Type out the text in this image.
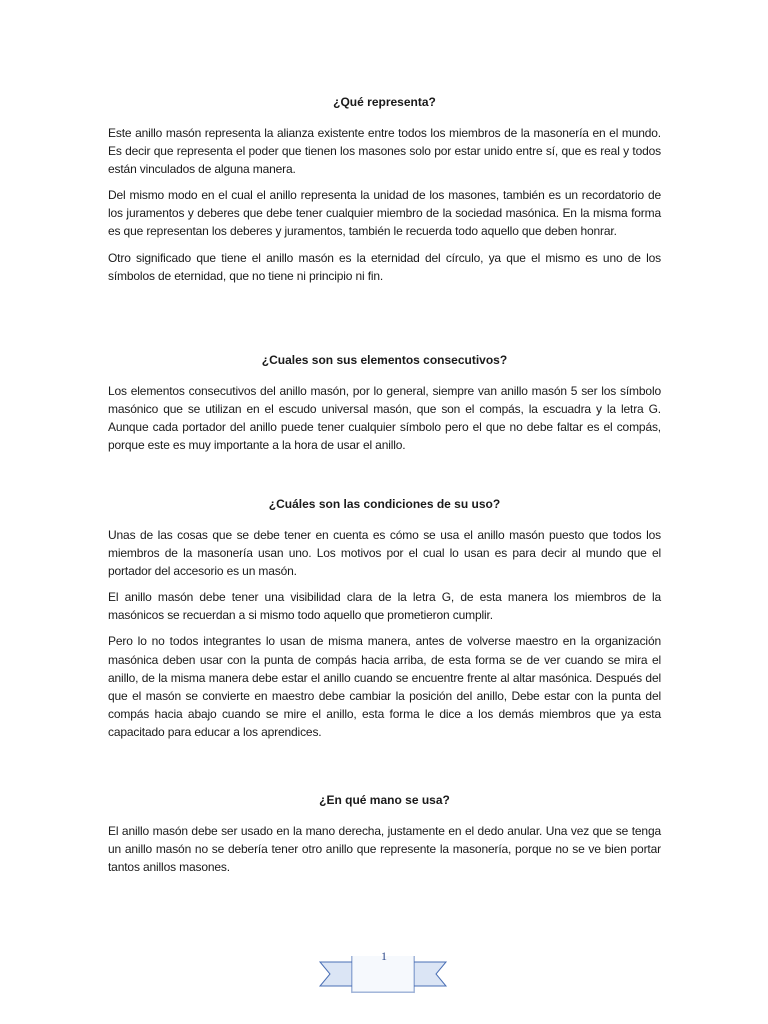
¿Qué representa?

Este anillo masón representa la alianza existente entre todos los miembros de la masonería en el mundo. Es decir que representa el poder que tienen los masones solo por estar unido entre sí, que es real y todos están vinculados de alguna manera.

Del mismo modo en el cual el anillo representa la unidad de los masones, también es un recordatorio de los juramentos y deberes que debe tener cualquier miembro de la sociedad masónica. En la misma forma es que representan los deberes y juramentos, también le recuerda todo aquello que deben honrar.

Otro significado que tiene el anillo masón es la eternidad del círculo, ya que el mismo es uno de los símbolos de eternidad, que no tiene ni principio ni fin.

¿Cuales son sus elementos consecutivos?

Los elementos consecutivos del anillo masón, por lo general, siempre van anillo masón 5 ser los símbolo masónico que se utilizan en el escudo universal masón, que son el compás, la escuadra y la letra G. Aunque cada portador del anillo puede tener cualquier símbolo pero el que no debe faltar es el compás, porque este es muy importante a la hora de usar el anillo.

¿Cuáles son las condiciones de su uso?

Unas de las cosas que se debe tener en cuenta es cómo se usa el anillo masón puesto que todos los miembros de la masonería usan uno. Los motivos por el cual lo usan es para decir al mundo que el portador del accesorio es un masón.

El anillo masón debe tener una visibilidad clara de la letra G, de esta manera los miembros de la masónicos se recuerdan a si mismo todo aquello que prometieron cumplir.

Pero lo no todos integrantes lo usan de misma manera, antes de volverse maestro en la organización masónica deben usar con la punta de compás hacia arriba, de esta forma se de ver cuando se mira el anillo, de la misma manera debe estar el anillo cuando se encuentre frente al altar masónica. Después del que el masón se convierte en maestro debe cambiar la posición del anillo, Debe estar con la punta del compás hacia abajo cuando se mire el anillo, esta forma le dice a los demás miembros que ya esta capacitado para educar a los aprendices.

¿En qué mano se usa?

El anillo masón debe ser usado en la mano derecha, justamente en el dedo anular. Una vez que se tenga un anillo masón no se debería tener otro anillo que represente la masonería, porque no se ve bien portar tantos anillos masones.

1
